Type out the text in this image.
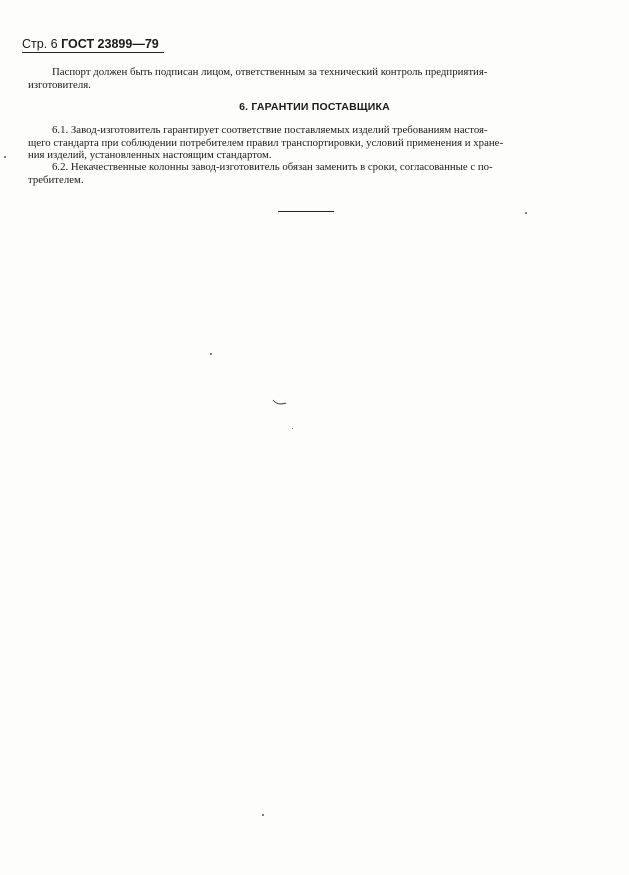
Стр. 6 ГОСТ 23899—79
Паспорт должен быть подписан лицом, ответственным за технический контроль предприятия-
изготовителя.
6. ГАРАНТИИ ПОСТАВЩИКА
6.1. Завод-изготовитель гарантирует соответствие поставляемых изделий требованиям настоя-
щего стандарта при соблюдении потребителем правил транспортировки, условий применения и хране-
ния изделий, установленных настоящим стандартом.
6.2. Некачественные колонны завод-изготовитель обязан заменить в сроки, согласованные с по-
требителем.
